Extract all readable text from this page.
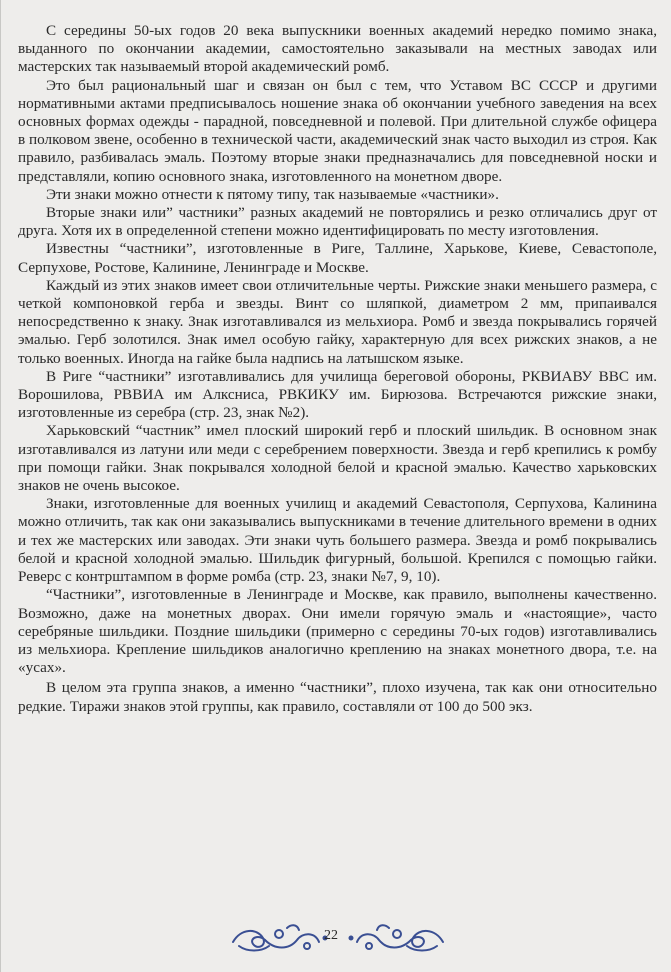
С середины 50-ых годов 20 века выпускники военных академий нередко помимо знака, выданного по окончании академии, самостоятельно заказывали на местных заводах или мастерских так называемый второй академический ромб.

Это был рациональный шаг и связан он был с тем, что Уставом ВС СССР и другими нормативными актами предписывалось ношение знака об окончании учебного заведения на всех основных формах одежды - парадной, повседневной и полевой. При длительной службе офицера в полковом звене, особенно в технической части, академический знак часто выходил из строя. Как правило, разбивалась эмаль. Поэтому вторые знаки предназначались для повседневной носки и представляли, копию основного знака, изготовленного на монетном дворе.

Эти знаки можно отнести к пятому типу, так называемые «частники».

Вторые знаки или” частники” разных академий не повторялись и резко отличались друг от друга. Хотя их в определенной степени можно идентифицировать по месту изготовления.

Известны “частники”, изготовленные в Риге, Таллине, Харькове, Киеве, Севастополе, Серпухове, Ростове, Калинине, Ленинграде и Москве.

Каждый из этих знаков имеет свои отличительные черты. Рижские знаки меньшего размера, с четкой компоновкой герба и звезды. Винт со шляпкой, диаметром 2 мм, припаивался непосредственно к знаку. Знак изготавливался из мельхиора. Ромб и звезда покрывались горячей эмалью. Герб золотился. Знак имел особую гайку, характерную для всех рижских знаков, а не только военных. Иногда на гайке была надпись на латышском языке.

В Риге “частники” изготавливались для училища береговой обороны, РКВИАВУ ВВС им. Ворошилова, РВВИА им Алксниса, РВКИКУ им. Бирюзова. Встречаются рижские знаки, изготовленные из серебра (стр. 23, знак №2).

Харьковский “частник” имел плоский широкий герб и плоский шильдик. В основном знак изготавливался из латуни или меди с серебрением поверхности. Звезда и герб крепились к ромбу при помощи гайки. Знак покрывался холодной белой и красной эмалью. Качество харьковских знаков не очень высокое.

Знаки, изготовленные для военных училищ и академий Севастополя, Серпухова, Калинина можно отличить, так как они заказывались выпускниками в течение длительного времени в одних и тех же мастерских или заводах. Эти знаки чуть большего размера. Звезда и ромб покрывались белой и красной холодной эмалью. Шильдик фигурный, большой. Крепился с помощью гайки. Реверс с контрштампом в форме ромба (стр. 23, знаки №7, 9, 10).

“Частники”, изготовленные в Ленинграде и Москве, как правило, выполнены качественно. Возможно, даже на монетных дворах. Они имели горячую эмаль и «настоящие», часто серебряные шильдики. Поздние шильдики (примерно с середины 70-ых годов) изготавливались из мельхиора. Крепление шильдиков аналогично креплению на знаках монетного двора, т.е. на «усах».

В целом эта группа знаков, а именно “частники”, плохо изучена, так как они относительно редкие. Тиражи знаков этой группы, как правило, составляли от 100 до 500 экз.

22
